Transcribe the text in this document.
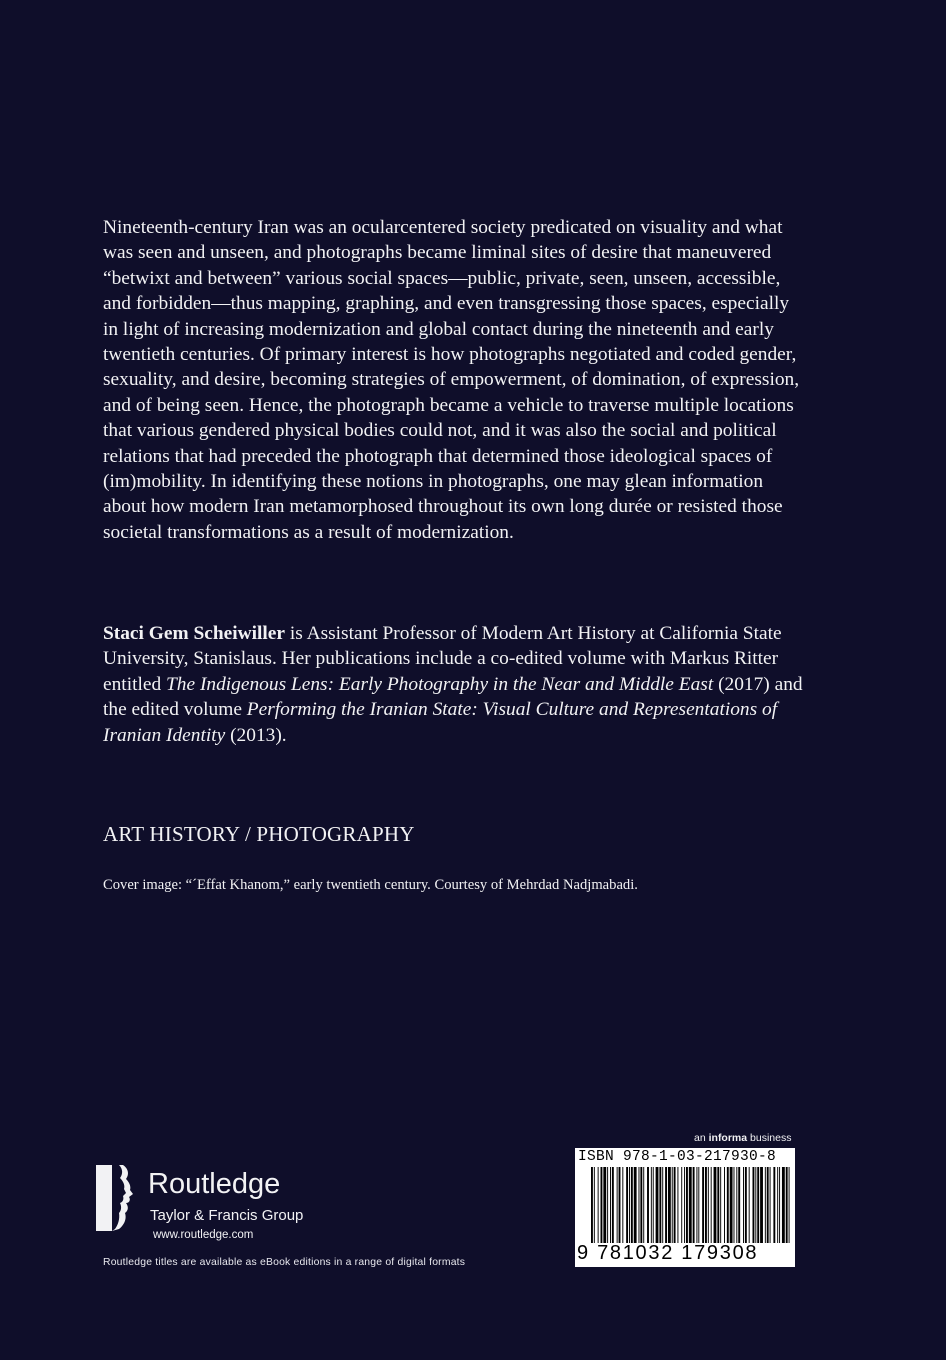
Nineteenth-century Iran was an ocularcentered society predicated on visuality and what was seen and unseen, and photographs became liminal sites of desire that maneuvered “betwixt and between” various social spaces—public, private, seen, unseen, accessible, and forbidden—thus mapping, graphing, and even transgressing those spaces, especially in light of increasing modernization and global contact during the nineteenth and early twentieth centuries. Of primary interest is how photographs negotiated and coded gender, sexuality, and desire, becoming strategies of empowerment, of domination, of expression, and of being seen. Hence, the photograph became a vehicle to traverse multiple locations that various gendered physical bodies could not, and it was also the social and political relations that had preceded the photograph that determined those ideological spaces of (im)mobility. In identifying these notions in photographs, one may glean information about how modern Iran metamorphosed throughout its own long durée or resisted those societal transformations as a result of modernization.

Staci Gem Scheiwiller is Assistant Professor of Modern Art History at California State University, Stanislaus. Her publications include a co-edited volume with Markus Ritter entitled The Indigenous Lens: Early Photography in the Near and Middle East (2017) and the edited volume Performing the Iranian State: Visual Culture and Representations of Iranian Identity (2013).

ART HISTORY / PHOTOGRAPHY

Cover image: “´Effat Khanom,” early twentieth century. Courtesy of Mehrdad Nadjmabadi.

ROUTLEDGE Routledge
Taylor & Francis Group
www.routledge.com
Routledge titles are available as eBook editions in a range of digital formats
an informa business
ISBN 978-1-03-217930-8
9 781032 179308
